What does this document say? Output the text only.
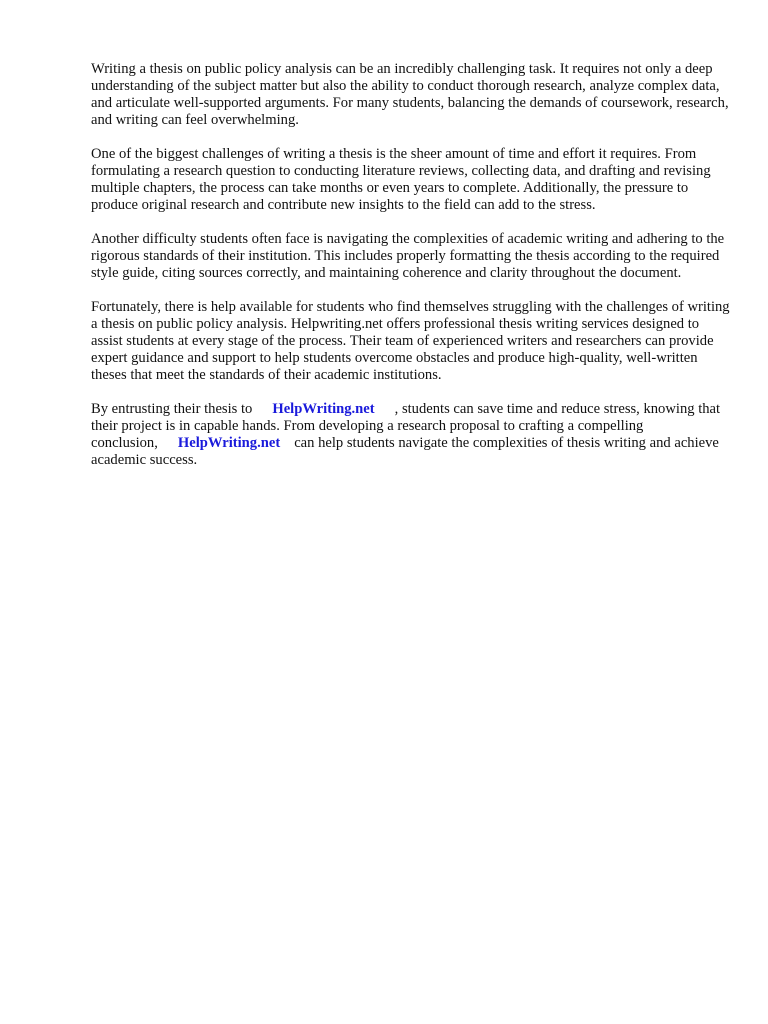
Writing a thesis on public policy analysis can be an incredibly challenging task. It requires not only a deep understanding of the subject matter but also the ability to conduct thorough research, analyze complex data, and articulate well-supported arguments. For many students, balancing the demands of coursework, research, and writing can feel overwhelming.

One of the biggest challenges of writing a thesis is the sheer amount of time and effort it requires. From formulating a research question to conducting literature reviews, collecting data, and drafting and revising multiple chapters, the process can take months or even years to complete. Additionally, the pressure to produce original research and contribute new insights to the field can add to the stress.

Another difficulty students often face is navigating the complexities of academic writing and adhering to the rigorous standards of their institution. This includes properly formatting the thesis according to the required style guide, citing sources correctly, and maintaining coherence and clarity throughout the document.

Fortunately, there is help available for students who find themselves struggling with the challenges of writing a thesis on public policy analysis. Helpwriting.net offers professional thesis writing services designed to assist students at every stage of the process. Their team of experienced writers and researchers can provide expert guidance and support to help students overcome obstacles and produce high-quality, well-written theses that meet the standards of their academic institutions.

By entrusting their thesis to HelpWriting.net , students can save time and reduce stress, knowing that their project is in capable hands. From developing a research proposal to crafting a compelling conclusion, HelpWriting.net can help students navigate the complexities of thesis writing and achieve academic success.
